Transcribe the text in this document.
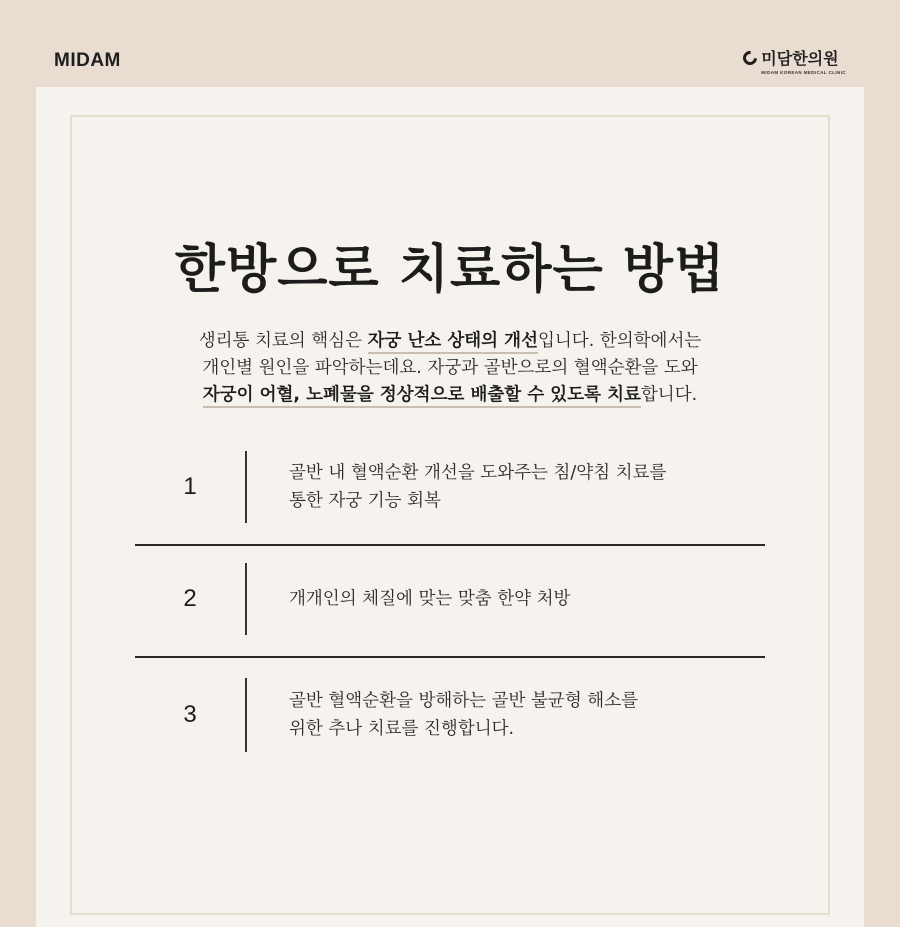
MIDAM	미담한의원
MIDAM KOREAN MEDICAL CLINIC
한방으로 치료하는 방법
생리통 치료의 핵심은 자궁 난소 상태의 개선입니다. 한의학에서는
개인별 원인을 파악하는데요. 자궁과 골반으로의 혈액순환을 도와
자궁이 어혈, 노폐물을 정상적으로 배출할 수 있도록 치료합니다.
1	골반 내 혈액순환 개선을 도와주는 침/약침 치료를
통한 자궁 기능 회복
2	개개인의 체질에 맞는 맞춤 한약 처방
3	골반 혈액순환을 방해하는 골반 불균형 해소를
위한 추나 치료를 진행합니다.
